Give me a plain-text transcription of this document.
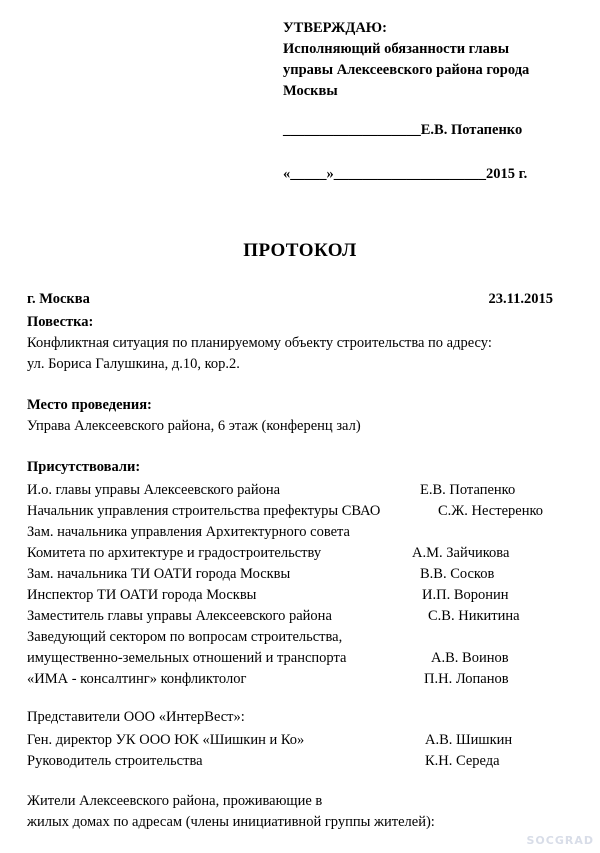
УТВЕРЖДАЮ:
Исполняющий обязанности главы
управы Алексеевского района города
Москвы
___________________Е.В. Потапенко
«_____»_____________________2015 г.
ПРОТОКОЛ
г. Москва	23.11.2015
Повестка:
Конфликтная ситуация по планируемому объекту строительства по адресу:
ул. Бориса Галушкина, д.10, кор.2.
Место проведения:
Управа Алексеевского района, 6 этаж (конференц зал)
Присутствовали:
И.о. главы управы Алексеевского района	Е.В. Потапенко
Начальник управления строительства префектуры СВАО	С.Ж. Нестеренко
Зам. начальника управления Архитектурного совета
Комитета по архитектуре и градостроительству	А.М. Зайчикова
Зам. начальника ТИ ОАТИ города Москвы	В.В. Сосков
Инспектор ТИ ОАТИ города Москвы	И.П. Воронин
Заместитель главы управы Алексеевского района	С.В. Никитина
Заведующий сектором по вопросам строительства,
имущественно-земельных отношений и транспорта	А.В. Воинов
«ИМА - консалтинг» конфликтолог	П.Н. Лопанов
Представители ООО «ИнтерВест»:
Ген. директор УК ООО ЮК «Шишкин и Ко»	А.В. Шишкин
Руководитель строительства	К.Н. Середа
Жители Алексеевского района, проживающие в
жилых домах по адресам (члены инициативной группы жителей):
SOCGRAD
